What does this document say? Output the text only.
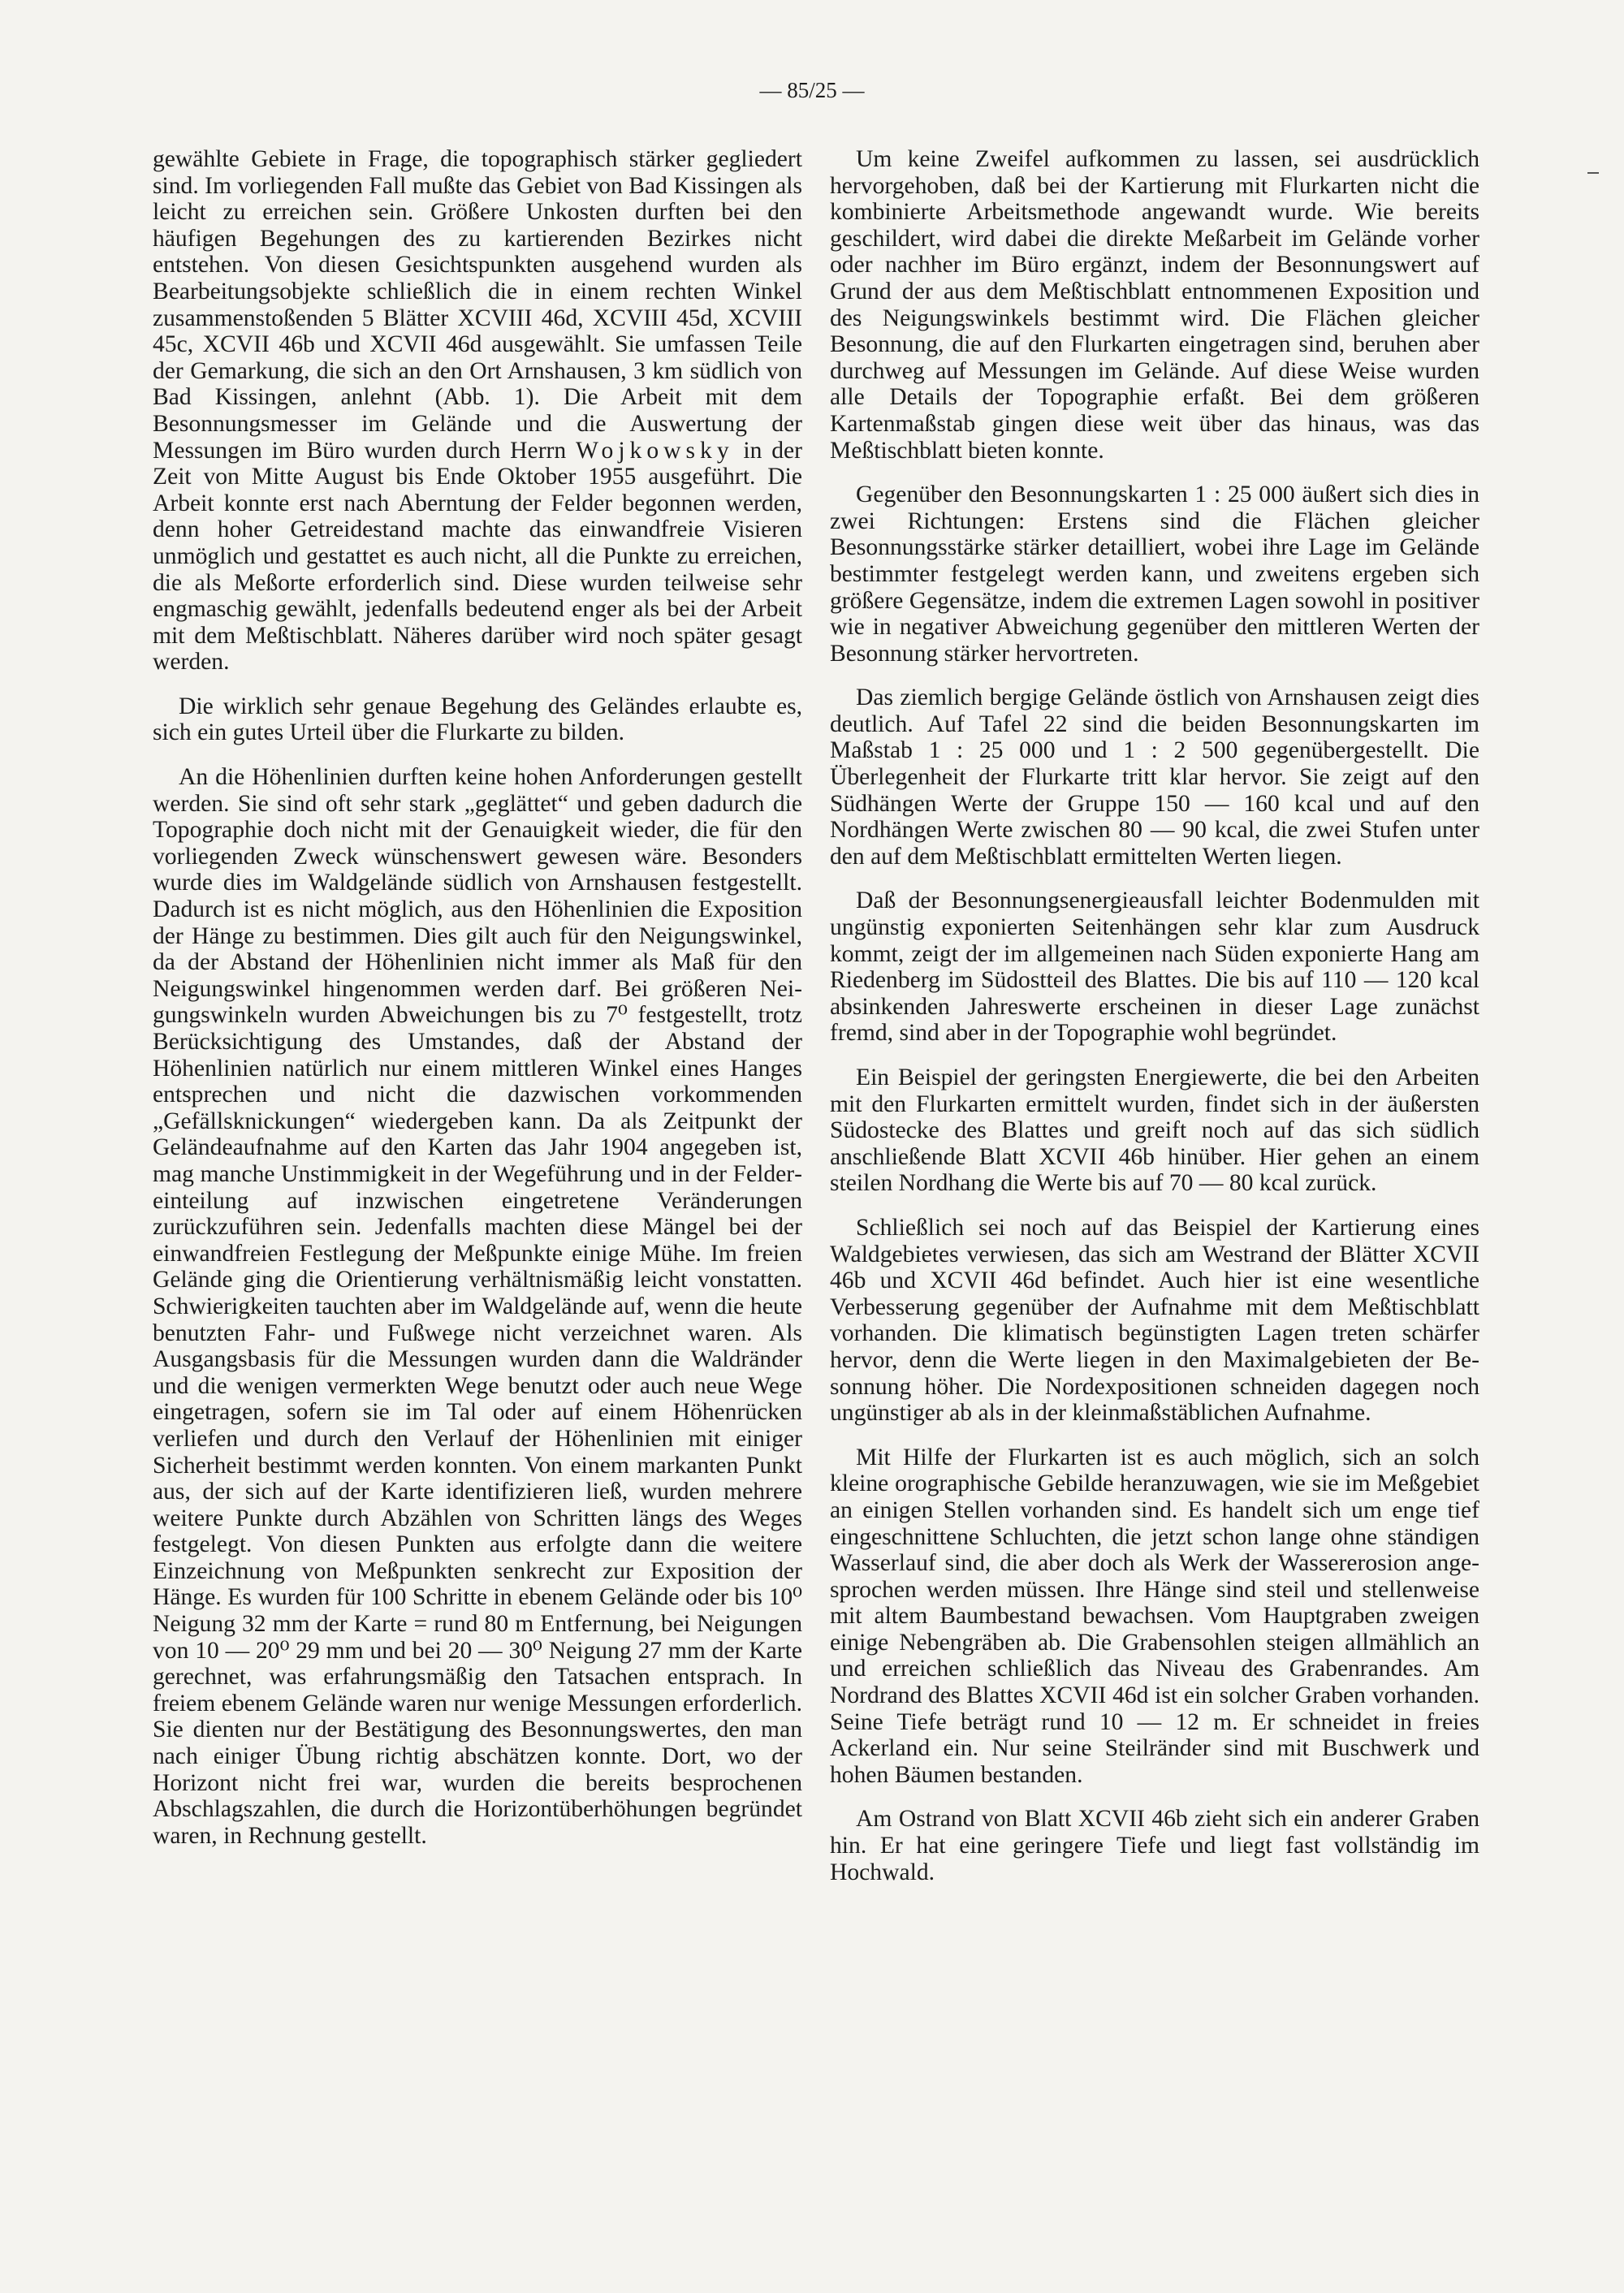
— 85/25 —

gewählte Gebiete in Frage, die topographisch stärker gegliedert sind. Im vorliegenden Fall mußte das Gebiet von Bad Kissingen als leicht zu erreichen sein. Größere Unkosten durften bei den häufigen Begehungen des zu kartierenden Bezirkes nicht entstehen. Von diesen Gesichtspunkten ausgehend wurden als Bearbeitungsobjekte schließlich die in einem rechten Winkel zusammenstoßenden 5 Blätter XCVIII 46d, XCVIII 45d, XCVIII 45c, XCVII 46b und XCVII 46d ausgewählt. Sie umfassen Teile der Gemarkung, die sich an den Ort Arnshausen, 3 km südlich von Bad Kissingen, anlehnt (Abb. 1). Die Arbeit mit dem Besonnungsmesser im Gelände und die Auswertung der Messungen im Büro wurden durch Herrn Wojkowsky in der Zeit von Mitte August bis Ende Oktober 1955 ausgeführt. Die Arbeit konnte erst nach Aberntung der Felder begonnen werden, denn hoher Getreidestand machte das einwandfreie Visieren unmöglich und gestattet es auch nicht, all die Punkte zu erreichen, die als Meßorte erforderlich sind. Diese wurden teilweise sehr engmaschig gewählt, jedenfalls bedeutend enger als bei der Arbeit mit dem Meßtischblatt. Näheres darüber wird noch später gesagt werden.

Die wirklich sehr genaue Begehung des Geländes erlaubte es, sich ein gutes Urteil über die Flurkarte zu bilden.

An die Höhenlinien durften keine hohen Anforderungen gestellt werden. Sie sind oft sehr stark „geglättet“ und geben dadurch die Topographie doch nicht mit der Genauigkeit wieder, die für den vorliegenden Zweck wünschenswert gewesen wäre. Besonders wurde dies im Waldgelände südlich von Arnshausen festgestellt. Dadurch ist es nicht möglich, aus den Höhenlinien die Exposition der Hänge zu bestimmen. Dies gilt auch für den Neigungswinkel, da der Abstand der Höhenlinien nicht immer als Maß für den Neigungswinkel hingenommen werden darf. Bei größeren Neigungswinkeln wurden Abweichungen bis zu 7⁰ festgestellt, trotz Berücksichtigung des Umstandes, daß der Abstand der Höhenlinien natürlich nur einem mittleren Winkel eines Hanges entsprechen und nicht die dazwischen vorkommenden „Gefällsknickungen“ wiedergeben kann. Da als Zeitpunkt der Geländeaufnahme auf den Karten das Jahr 1904 angegeben ist, mag manche Unstimmigkeit in der Wegeführung und in der Feldereinteilung auf inzwischen eingetretene Veränderungen zurückzuführen sein. Jedenfalls machten diese Mängel bei der einwandfreien Festlegung der Meßpunkte einige Mühe. Im freien Gelände ging die Orientierung verhältnismäßig leicht vonstatten. Schwierigkeiten tauchten aber im Waldgelände auf, wenn die heute benutzten Fahr- und Fußwege nicht verzeichnet waren. Als Ausgangsbasis für die Messungen wurden dann die Waldränder und die wenigen vermerkten Wege benutzt oder auch neue Wege eingetragen, sofern sie im Tal oder auf einem Höhenrücken verliefen und durch den Verlauf der Höhenlinien mit einiger Sicherheit bestimmt werden konnten. Von einem markanten Punkt aus, der sich auf der Karte identifizieren ließ, wurden mehrere weitere Punkte durch Abzählen von Schritten längs des Weges festgelegt. Von diesen Punkten aus erfolgte dann die weitere Einzeichnung von Meßpunkten senkrecht zur Exposition der Hänge. Es wurden für 100 Schritte in ebenem Gelände oder bis 10⁰ Neigung 32 mm der Karte = rund 80 m Entfernung, bei Neigungen von 10 — 20⁰ 29 mm und bei 20 — 30⁰ Neigung 27 mm der Karte gerechnet, was erfahrungsmäßig den Tatsachen entsprach. In freiem ebenem Gelände waren nur wenige Messungen erforderlich. Sie dienten nur der Bestätigung des Besonnungswertes, den man nach einiger Übung richtig abschätzen konnte. Dort, wo der Horizont nicht frei war, wurden die bereits besprochenen Abschlagszahlen, die durch die Horizontüberhöhungen begründet waren, in Rechnung gestellt.

Um keine Zweifel aufkommen zu lassen, sei ausdrücklich hervorgehoben, daß bei der Kartierung mit Flurkarten nicht die kombinierte Arbeitsmethode angewandt wurde. Wie bereits geschildert, wird dabei die direkte Meßarbeit im Gelände vorher oder nachher im Büro ergänzt, indem der Besonnungswert auf Grund der aus dem Meßtischblatt entnommenen Exposition und des Neigungswinkels bestimmt wird. Die Flächen gleicher Besonnung, die auf den Flurkarten eingetragen sind, beruhen aber durchweg auf Messungen im Gelände. Auf diese Weise wurden alle Details der Topographie erfaßt. Bei dem größeren Kartenmaßstab gingen diese weit über das hinaus, was das Meßtischblatt bieten konnte.

Gegenüber den Besonnungskarten 1 : 25 000 äußert sich dies in zwei Richtungen: Erstens sind die Flächen gleicher Besonnungsstärke stärker detailliert, wobei ihre Lage im Gelände bestimmter festgelegt werden kann, und zweitens ergeben sich größere Gegensätze, indem die extremen Lagen sowohl in positiver wie in negativer Abweichung gegenüber den mittleren Werten der Besonnung stärker hervortreten.

Das ziemlich bergige Gelände östlich von Arnshausen zeigt dies deutlich. Auf Tafel 22 sind die beiden Besonnungskarten im Maßstab 1 : 25 000 und 1 : 2 500 gegenübergestellt. Die Überlegenheit der Flurkarte tritt klar hervor. Sie zeigt auf den Südhängen Werte der Gruppe 150 — 160 kcal und auf den Nordhängen Werte zwischen 80 — 90 kcal, die zwei Stufen unter den auf dem Meßtischblatt ermittelten Werten liegen.

Daß der Besonnungsenergieausfall leichter Bodenmulden mit ungünstig exponierten Seitenhängen sehr klar zum Ausdruck kommt, zeigt der im allgemeinen nach Süden exponierte Hang am Riedenberg im Südostteil des Blattes. Die bis auf 110 — 120 kcal absinkenden Jahreswerte erscheinen in dieser Lage zunächst fremd, sind aber in der Topographie wohl begründet.

Ein Beispiel der geringsten Energiewerte, die bei den Arbeiten mit den Flurkarten ermittelt wurden, findet sich in der äußersten Südostecke des Blattes und greift noch auf das sich südlich anschließende Blatt XCVII 46b hinüber. Hier gehen an einem steilen Nordhang die Werte bis auf 70 — 80 kcal zurück.

Schließlich sei noch auf das Beispiel der Kartierung eines Waldgebietes verwiesen, das sich am Westrand der Blätter XCVII 46b und XCVII 46d befindet. Auch hier ist eine wesentliche Verbesserung gegenüber der Aufnahme mit dem Meßtischblatt vorhanden. Die klimatisch begünstigten Lagen treten schärfer hervor, denn die Werte liegen in den Maximalgebieten der Besonnung höher. Die Nordexpositionen schneiden dagegen noch ungünstiger ab als in der kleinmaßstäblichen Aufnahme.

Mit Hilfe der Flurkarten ist es auch möglich, sich an solch kleine orographische Gebilde heranzuwagen, wie sie im Meßgebiet an einigen Stellen vorhanden sind. Es handelt sich um enge tief eingeschnittene Schluchten, die jetzt schon lange ohne ständigen Wasserlauf sind, die aber doch als Werk der Wassererosion angesprochen werden müssen. Ihre Hänge sind steil und stellenweise mit altem Baumbestand bewachsen. Vom Hauptgraben zweigen einige Nebengräben ab. Die Grabensohlen steigen allmählich an und erreichen schließlich das Niveau des Grabenrandes. Am Nordrand des Blattes XCVII 46d ist ein solcher Graben vorhanden. Seine Tiefe beträgt rund 10 — 12 m. Er schneidet in freies Ackerland ein. Nur seine Steilränder sind mit Buschwerk und hohen Bäumen bestanden.

Am Ostrand von Blatt XCVII 46b zieht sich ein anderer Graben hin. Er hat eine geringere Tiefe und liegt fast vollständig im Hochwald.
